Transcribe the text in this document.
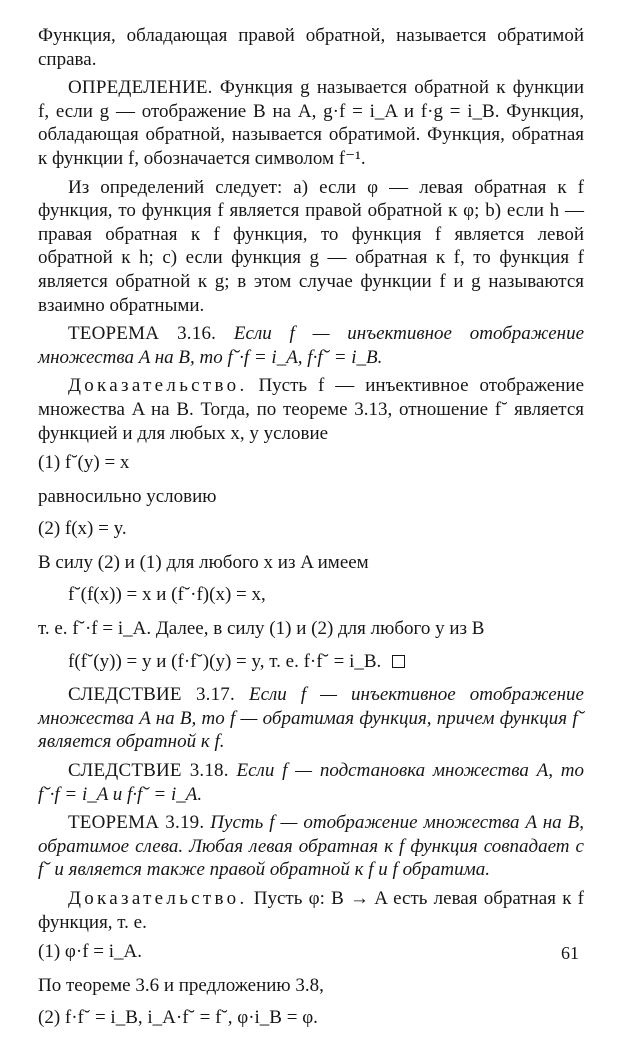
Функция, обладающая правой обратной, называется обратимой справа.

ОПРЕДЕЛЕНИЕ. Функция g называется обратной к функции f, если g — отображение B на A, g·f = i_A и f·g = i_B. Функция, обладающая обратной, называется обратимой. Функция, обратная к функции f, обозначается символом f⁻¹.

Из определений следует: a) если φ — левая обратная к f функция, то функция f является правой обратной к φ; b) если h — правая обратная к f функция, то функция f является левой обратной к h; c) если функция g — обратная к f, то функция f является обратной к g; в этом случае функции f и g называются взаимно обратными.

ТЕОРЕМА 3.16. Если f — инъективное отображение множества A на B, то f˘·f = i_A, f·f˘ = i_B.

Доказательство. Пусть f — инъективное отображение множества A на B. Тогда, по теореме 3.13, отношение f˘ является функцией и для любых x, y условие

(1) f˘(y) = x
равносильно условию
(2) f(x) = y.
В силу (2) и (1) для любого x из A имеем
f˘(f(x)) = x и (f˘·f)(x) = x,
т. е. f˘·f = i_A. Далее, в силу (1) и (2) для любого y из B
f(f˘(y)) = y и (f·f˘)(y) = y, т. е. f·f˘ = i_B.

СЛЕДСТВИЕ 3.17. Если f — инъективное отображение множества A на B, то f — обратимая функция, причем функция f˘ является обратной к f.

СЛЕДСТВИЕ 3.18. Если f — подстановка множества A, то f˘·f = i_A и f·f˘ = i_A.

ТЕОРЕМА 3.19. Пусть f — отображение множества A на B, обратимое слева. Любая левая обратная к f функция совпадает с f˘ и является также правой обратной к f и f обратима.

Доказательство. Пусть φ: B → A есть левая обратная к f функция, т. е.

(1) φ·f = i_A.
По теореме 3.6 и предложению 3.8,
(2) f·f˘ = i_B, i_A·f˘ = f˘, φ·i_B = φ.
61
